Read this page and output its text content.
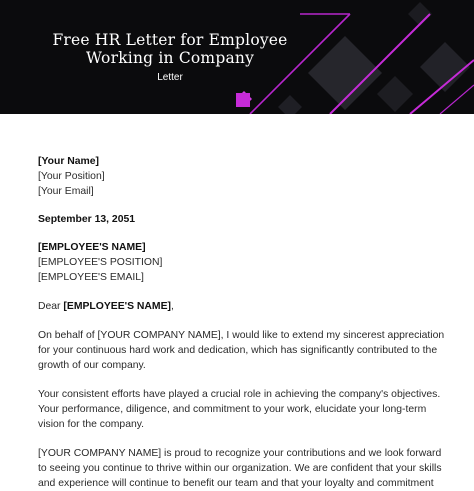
Free HR Letter for Employee
Working in Company
Letter
[Your Name]
[Your Position]
[Your Email]
September 13, 2051
[EMPLOYEE'S NAME]
[EMPLOYEE'S POSITION]
[EMPLOYEE'S EMAIL]
Dear [EMPLOYEE'S NAME],

On behalf of [YOUR COMPANY NAME], I would like to extend my sincerest appreciation
for your continuous hard work and dedication, which has significantly contributed to the
growth of our company.

Your consistent efforts have played a crucial role in achieving the company's objectives.
Your performance, diligence, and commitment to your work, elucidate your long-term
vision for the company.

[YOUR COMPANY NAME] is proud to recognize your contributions and we look forward
to seeing you continue to thrive within our organization. We are confident that your skills
and experience will continue to benefit our team and that your loyalty and commitment
